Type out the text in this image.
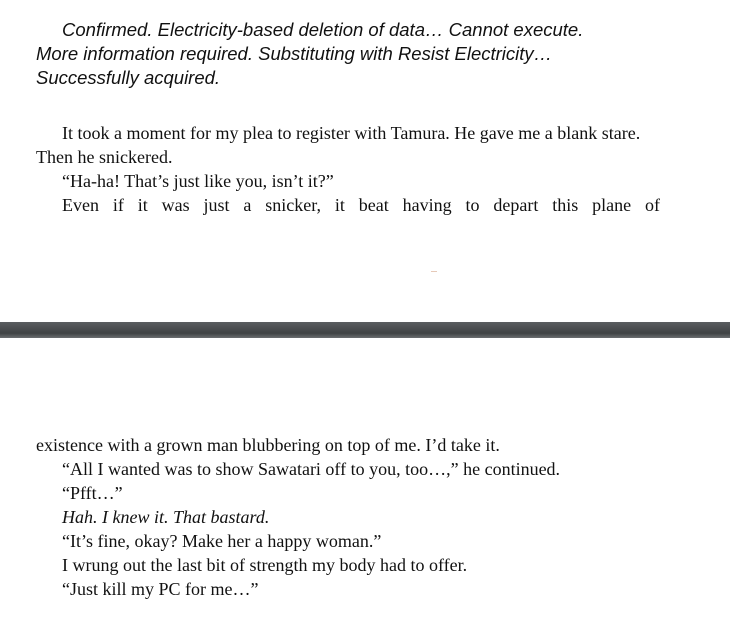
Confirmed. Electricity-based deletion of data… Cannot execute.
More information required. Substituting with Resist Electricity…
Successfully acquired.

It took a moment for my plea to register with Tamura. He gave me a blank stare. Then he snickered.

“Ha-ha! That’s just like you, isn’t it?”

Even if it was just a snicker, it beat having to depart this plane of

existence with a grown man blubbering on top of me. I’d take it.

“All I wanted was to show Sawatari off to you, too…,” he continued.

“Pfft…”

Hah. I knew it. That bastard.

“It’s fine, okay? Make her a happy woman.”

I wrung out the last bit of strength my body had to offer.

“Just kill my PC for me…”
